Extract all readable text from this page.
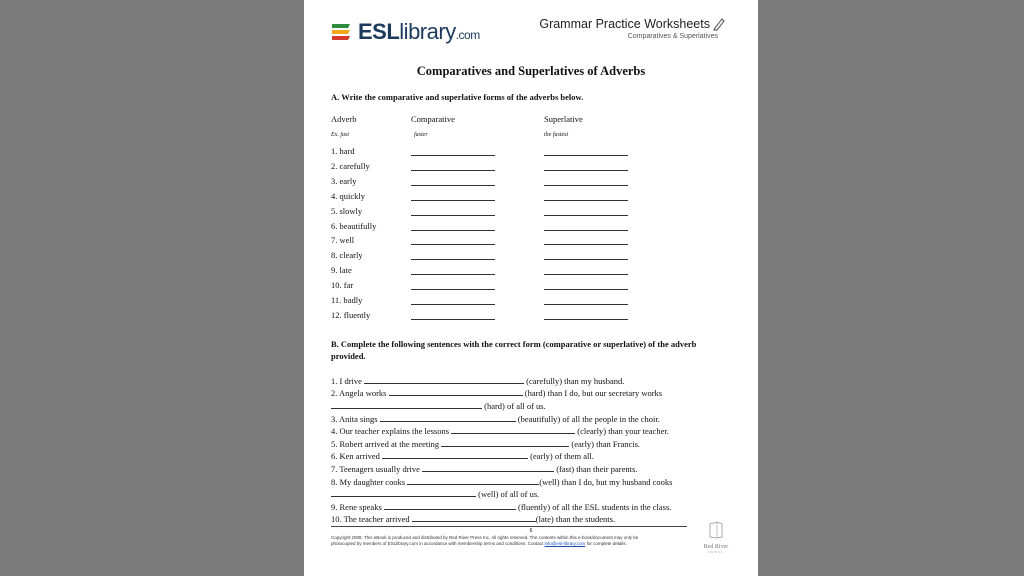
ESLlibrary.com
Grammar Practice Worksheets
Comparatives & Superlatives
Comparatives and Superlatives of Adverbs
A. Write the comparative and superlative forms of the adverbs below.
Adverb	Comparative	Superlative
Ex. fast	faster	the fastest
1. hard
2. carefully
3. early
4. quickly
5. slowly
6. beautifully
7. well
8. clearly
9. late
10. far
11. badly
12. fluently
B. Complete the following sentences with the correct form (comparative or superlative) of the adverb provided.
1. I drive	(carefully) than my husband.
2. Angela works	(hard) than I do, but our secretary works
(hard) of all of us.
3. Anita sings	(beautifully) of all the people in the choir.
4. Our teacher explains the lessons	(clearly) than your teacher.
5. Robert arrived at the meeting	(early) than Francis.
6. Ken arrived	(early) of them all.
7. Teenagers usually drive	(fast) than their parents.
8. My daughter cooks	(well) than I do, but my husband cooks
(well) of all of us.
9. Rene speaks	(fluently) of all the ESL students in the class.
10. The teacher arrived	(late) than the students.
6
Copyright 2008. This eBook is produced and distributed by Red River Press Inc. All rights reserved. The contents within this e-book/document may only be
photocopied by members of ESLlibrary.com in accordance with membership terms and conditions. Contact info@esl-library.com for complete details.
Red River
PRESS
